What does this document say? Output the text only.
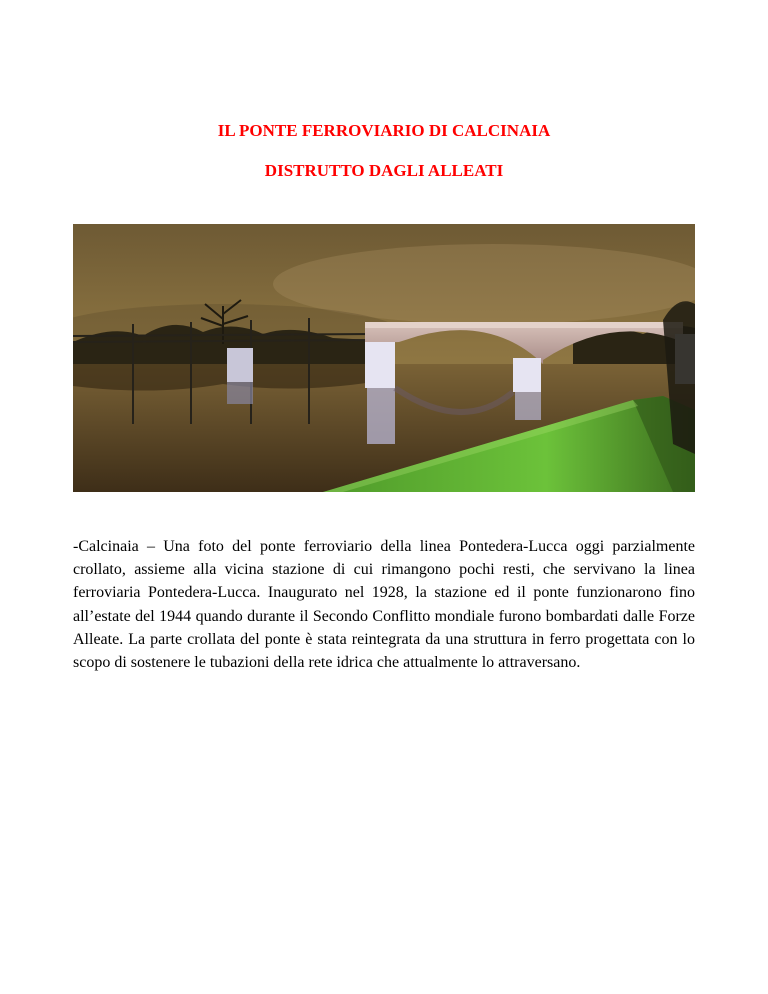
IL PONTE FERROVIARIO DI CALCINAIA
DISTRUTTO DAGLI ALLEATI

-Calcinaia – Una foto del ponte ferroviario della linea Pontedera-Lucca oggi parzialmente crollato, assieme alla vicina stazione di cui rimangono pochi resti, che servivano la linea ferroviaria Pontedera-Lucca. Inaugurato nel 1928, la stazione ed il ponte funzionarono fino all’estate del 1944 quando durante il Secondo Conflitto mondiale furono bombardati dalle Forze Alleate. La parte crollata del ponte è stata reintegrata da una struttura in ferro progettata con lo scopo di sostenere le tubazioni della rete idrica che attualmente lo attraversano.
